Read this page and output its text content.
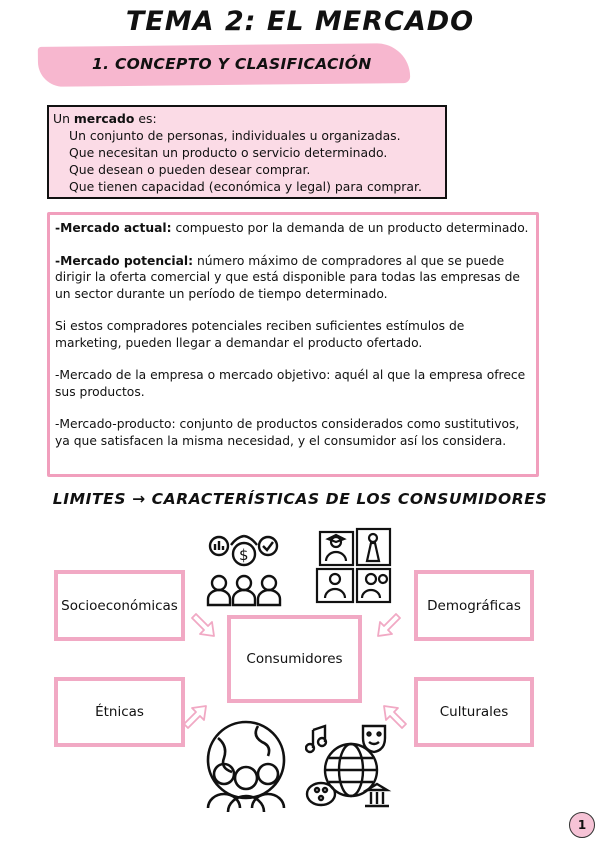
TEMA 2: EL MERCADO
1. CONCEPTO Y CLASIFICACIÓN
Un mercado es:
Un conjunto de personas, individuales u organizadas.
Que necesitan un producto o servicio determinado.
Que desean o pueden desear comprar.
Que tienen capacidad (económica y legal) para comprar.

-Mercado actual: compuesto por la demanda de un producto determinado.

-Mercado potencial: número máximo de compradores al que se puede dirigir la oferta comercial y que está disponible para todas las empresas de un sector durante un período de tiempo determinado.

Si estos compradores potenciales reciben suficientes estímulos de marketing, pueden llegar a demandar el producto ofertado.

-Mercado de la empresa o mercado objetivo: aquél al que la empresa ofrece sus productos.

-Mercado-producto: conjunto de productos considerados como sustitutivos, ya que satisfacen la misma necesidad, y el consumidor así los considera.

LIMITES → CARACTERÍSTICAS DE LOS CONSUMIDORES
$
Socioeconómicas	Demográficas
Consumidores
Étnicas	Culturales
1
